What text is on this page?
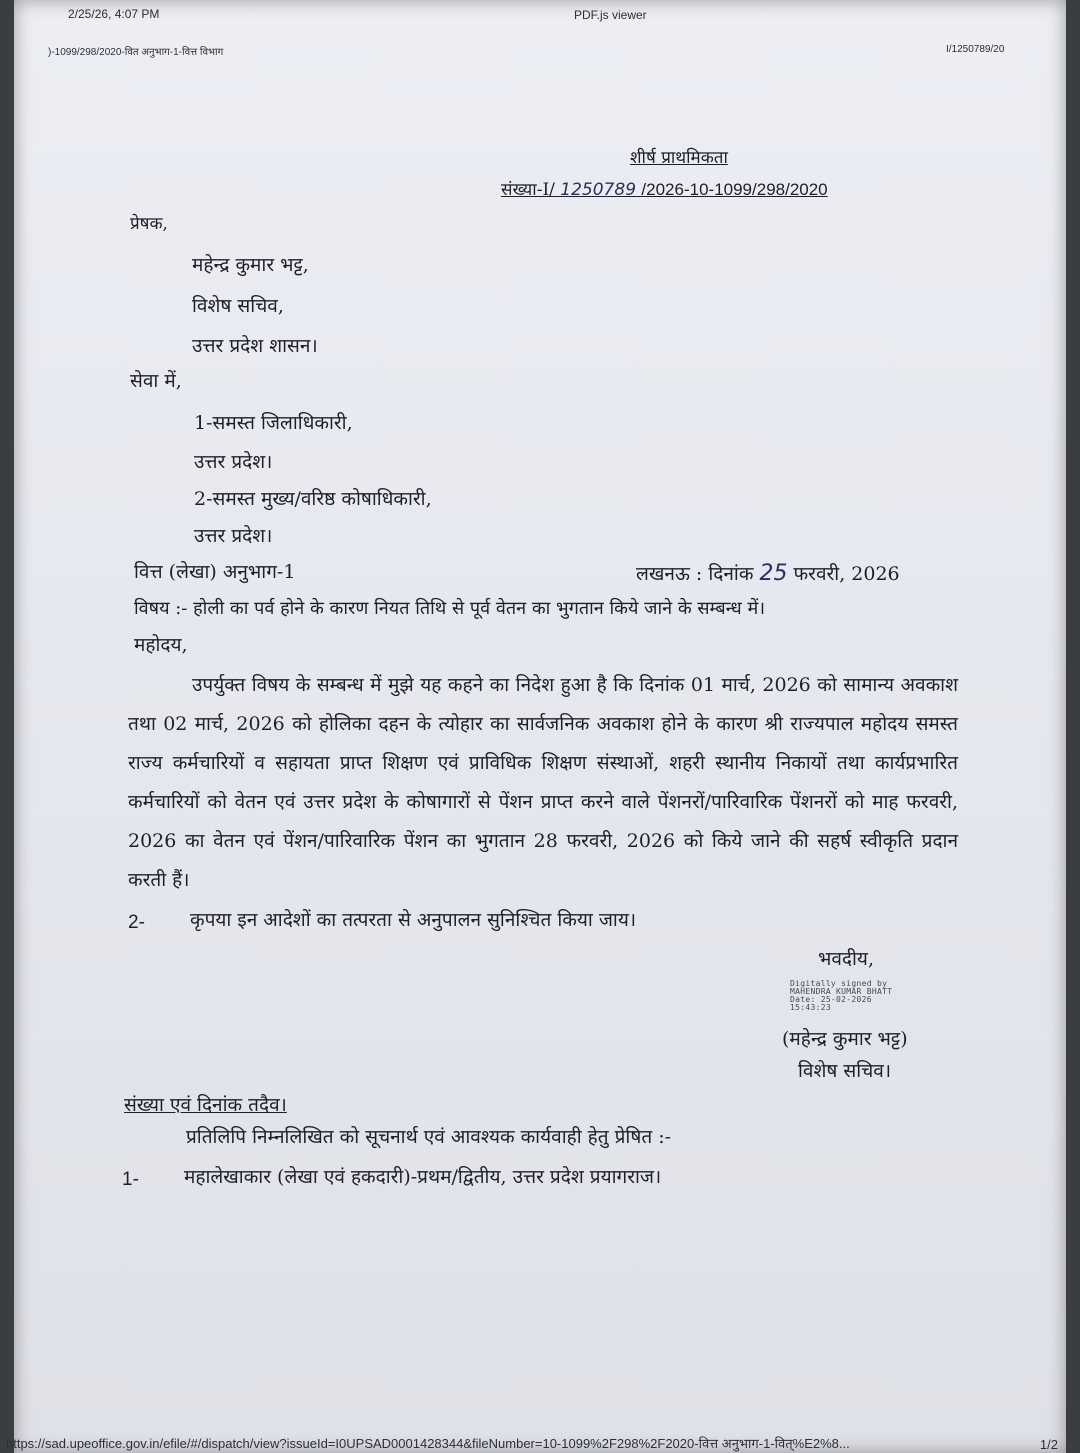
2/25/26, 4:07 PM	PDF.js viewer
)-1099/298/2020-वित अनुभाग-1-वित्त विभाग	I/1250789/20
शीर्ष प्राथमिकता
संख्या-I/ 1250789 /2026-10-1099/298/2020
प्रेषक,
महेन्द्र कुमार भट्ट,
विशेष सचिव,
उत्तर प्रदेश शासन।
सेवा में,
1-समस्त जिलाधिकारी,
उत्तर प्रदेश।
2-समस्त मुख्य/वरिष्ठ कोषाधिकारी,
उत्तर प्रदेश।
वित्त (लेखा) अनुभाग-1	लखनऊ : दिनांक 25 फरवरी, 2026
विषय :- होली का पर्व होने के कारण नियत तिथि से पूर्व वेतन का भुगतान किये जाने के सम्बन्ध में।
महोदय,
उपर्युक्त विषय के सम्बन्ध में मुझे यह कहने का निदेश हुआ है कि दिनांक 01 मार्च, 2026 को सामान्य अवकाश तथा 02 मार्च, 2026 को होलिका दहन के त्योहार का सार्वजनिक अवकाश होने के कारण श्री राज्यपाल महोदय समस्त राज्य कर्मचारियों व सहायता प्राप्त शिक्षण एवं प्राविधिक शिक्षण संस्थाओं, शहरी स्थानीय निकायों तथा कार्यप्रभारित कर्मचारियों को वेतन एवं उत्तर प्रदेश के कोषागारों से पेंशन प्राप्त करने वाले पेंशनरों/पारिवारिक पेंशनरों को माह फरवरी, 2026 का वेतन एवं पेंशन/पारिवारिक पेंशन का भुगतान 28 फरवरी, 2026 को किये जाने की सहर्ष स्वीकृति प्रदान करती हैं।
2- कृपया इन आदेशों का तत्परता से अनुपालन सुनिश्चित किया जाय।
भवदीय,
Digitally signed by
MAHENDRA KUMAR BHATT
Date: 25-02-2026
15:43:23
(महेन्द्र कुमार भट्ट)
विशेष सचिव।
संख्या एवं दिनांक तदैव।
प्रतिलिपि निम्नलिखित को सूचनार्थ एवं आवश्यक कार्यवाही हेतु प्रेषित :-
1- महालेखाकार (लेखा एवं हकदारी)-प्रथम/द्वितीय, उत्तर प्रदेश प्रयागराज।
https://sad.upeoffice.gov.in/efile/#/dispatch/view?issueId=I0UPSAD0001428344&fileNumber=10-1099%2F298%2F2020-वित्त अनुभाग-1-वित्%E2%8...	1/2
